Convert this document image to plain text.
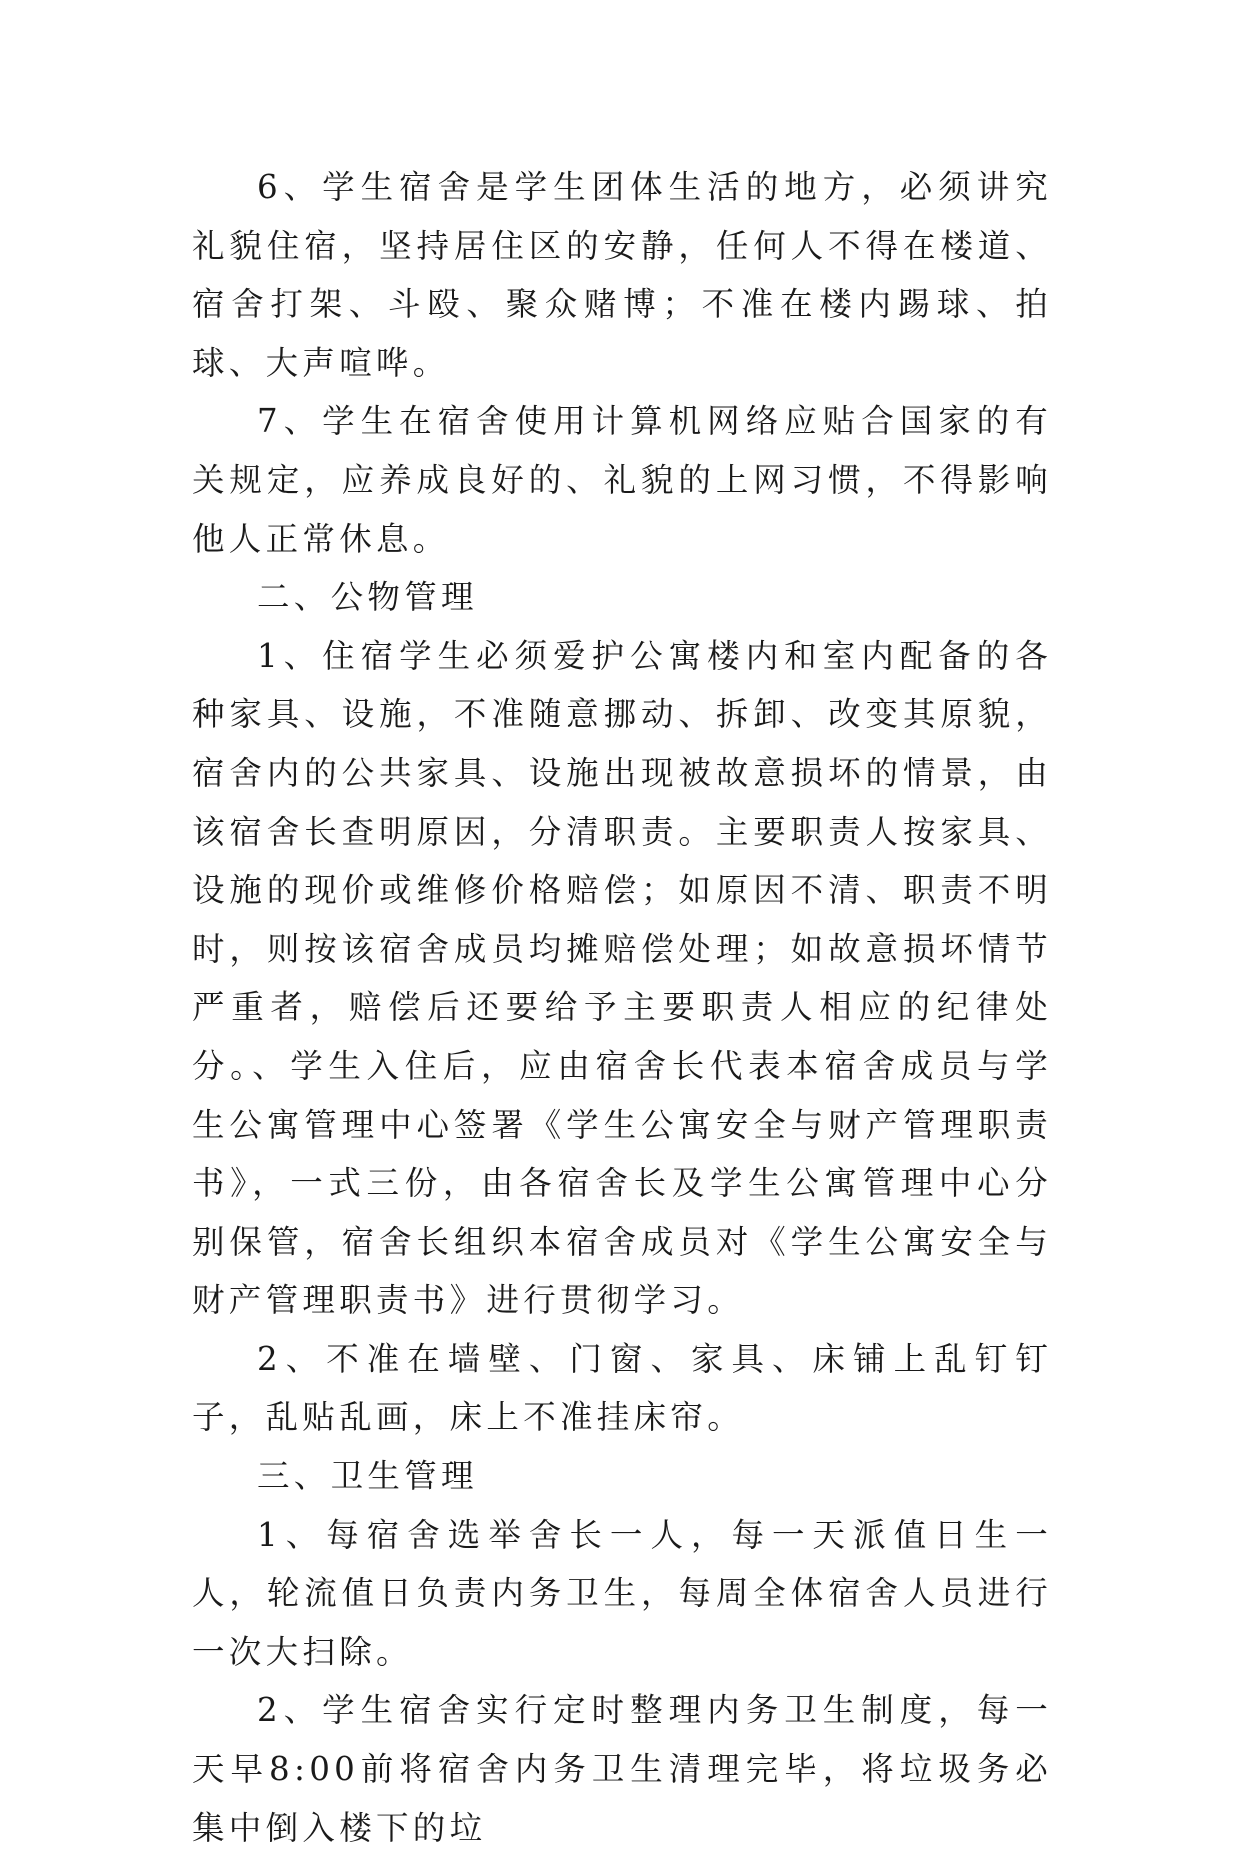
6、学生宿舍是学生团体生活的地方，必须讲究礼貌住宿，坚持居住区的安静，任何人不得在楼道、宿舍打架、斗殴、聚众赌博；不准在楼内踢球、拍球、大声喧哗。

7、学生在宿舍使用计算机网络应贴合国家的有关规定，应养成良好的、礼貌的上网习惯，不得影响他人正常休息。

二、公物管理

1、住宿学生必须爱护公寓楼内和室内配备的各种家具、设施，不准随意挪动、拆卸、改变其原貌，宿舍内的公共家具、设施出现被故意损坏的情景，由该宿舍长查明原因，分清职责。主要职责人按家具、设施的现价或维修价格赔偿；如原因不清、职责不明时，则按该宿舍成员均摊赔偿处理；如故意损坏情节严重者，赔偿后还要给予主要职责人相应的纪律处分。、学生入住后，应由宿舍长代表本宿舍成员与学生公寓管理中心签署《学生公寓安全与财产管理职责书》，一式三份，由各宿舍长及学生公寓管理中心分别保管，宿舍长组织本宿舍成员对《学生公寓安全与财产管理职责书》进行贯彻学习。

2、不准在墙壁、门窗、家具、床铺上乱钉钉子，乱贴乱画，床上不准挂床帘。

三、卫生管理

1、每宿舍选举舍长一人，每一天派值日生一人，轮流值日负责内务卫生，每周全体宿舍人员进行一次大扫除。

2、学生宿舍实行定时整理内务卫生制度，每一天早8:00前将宿舍内务卫生清理完毕，将垃圾务必集中倒入楼下的垃
